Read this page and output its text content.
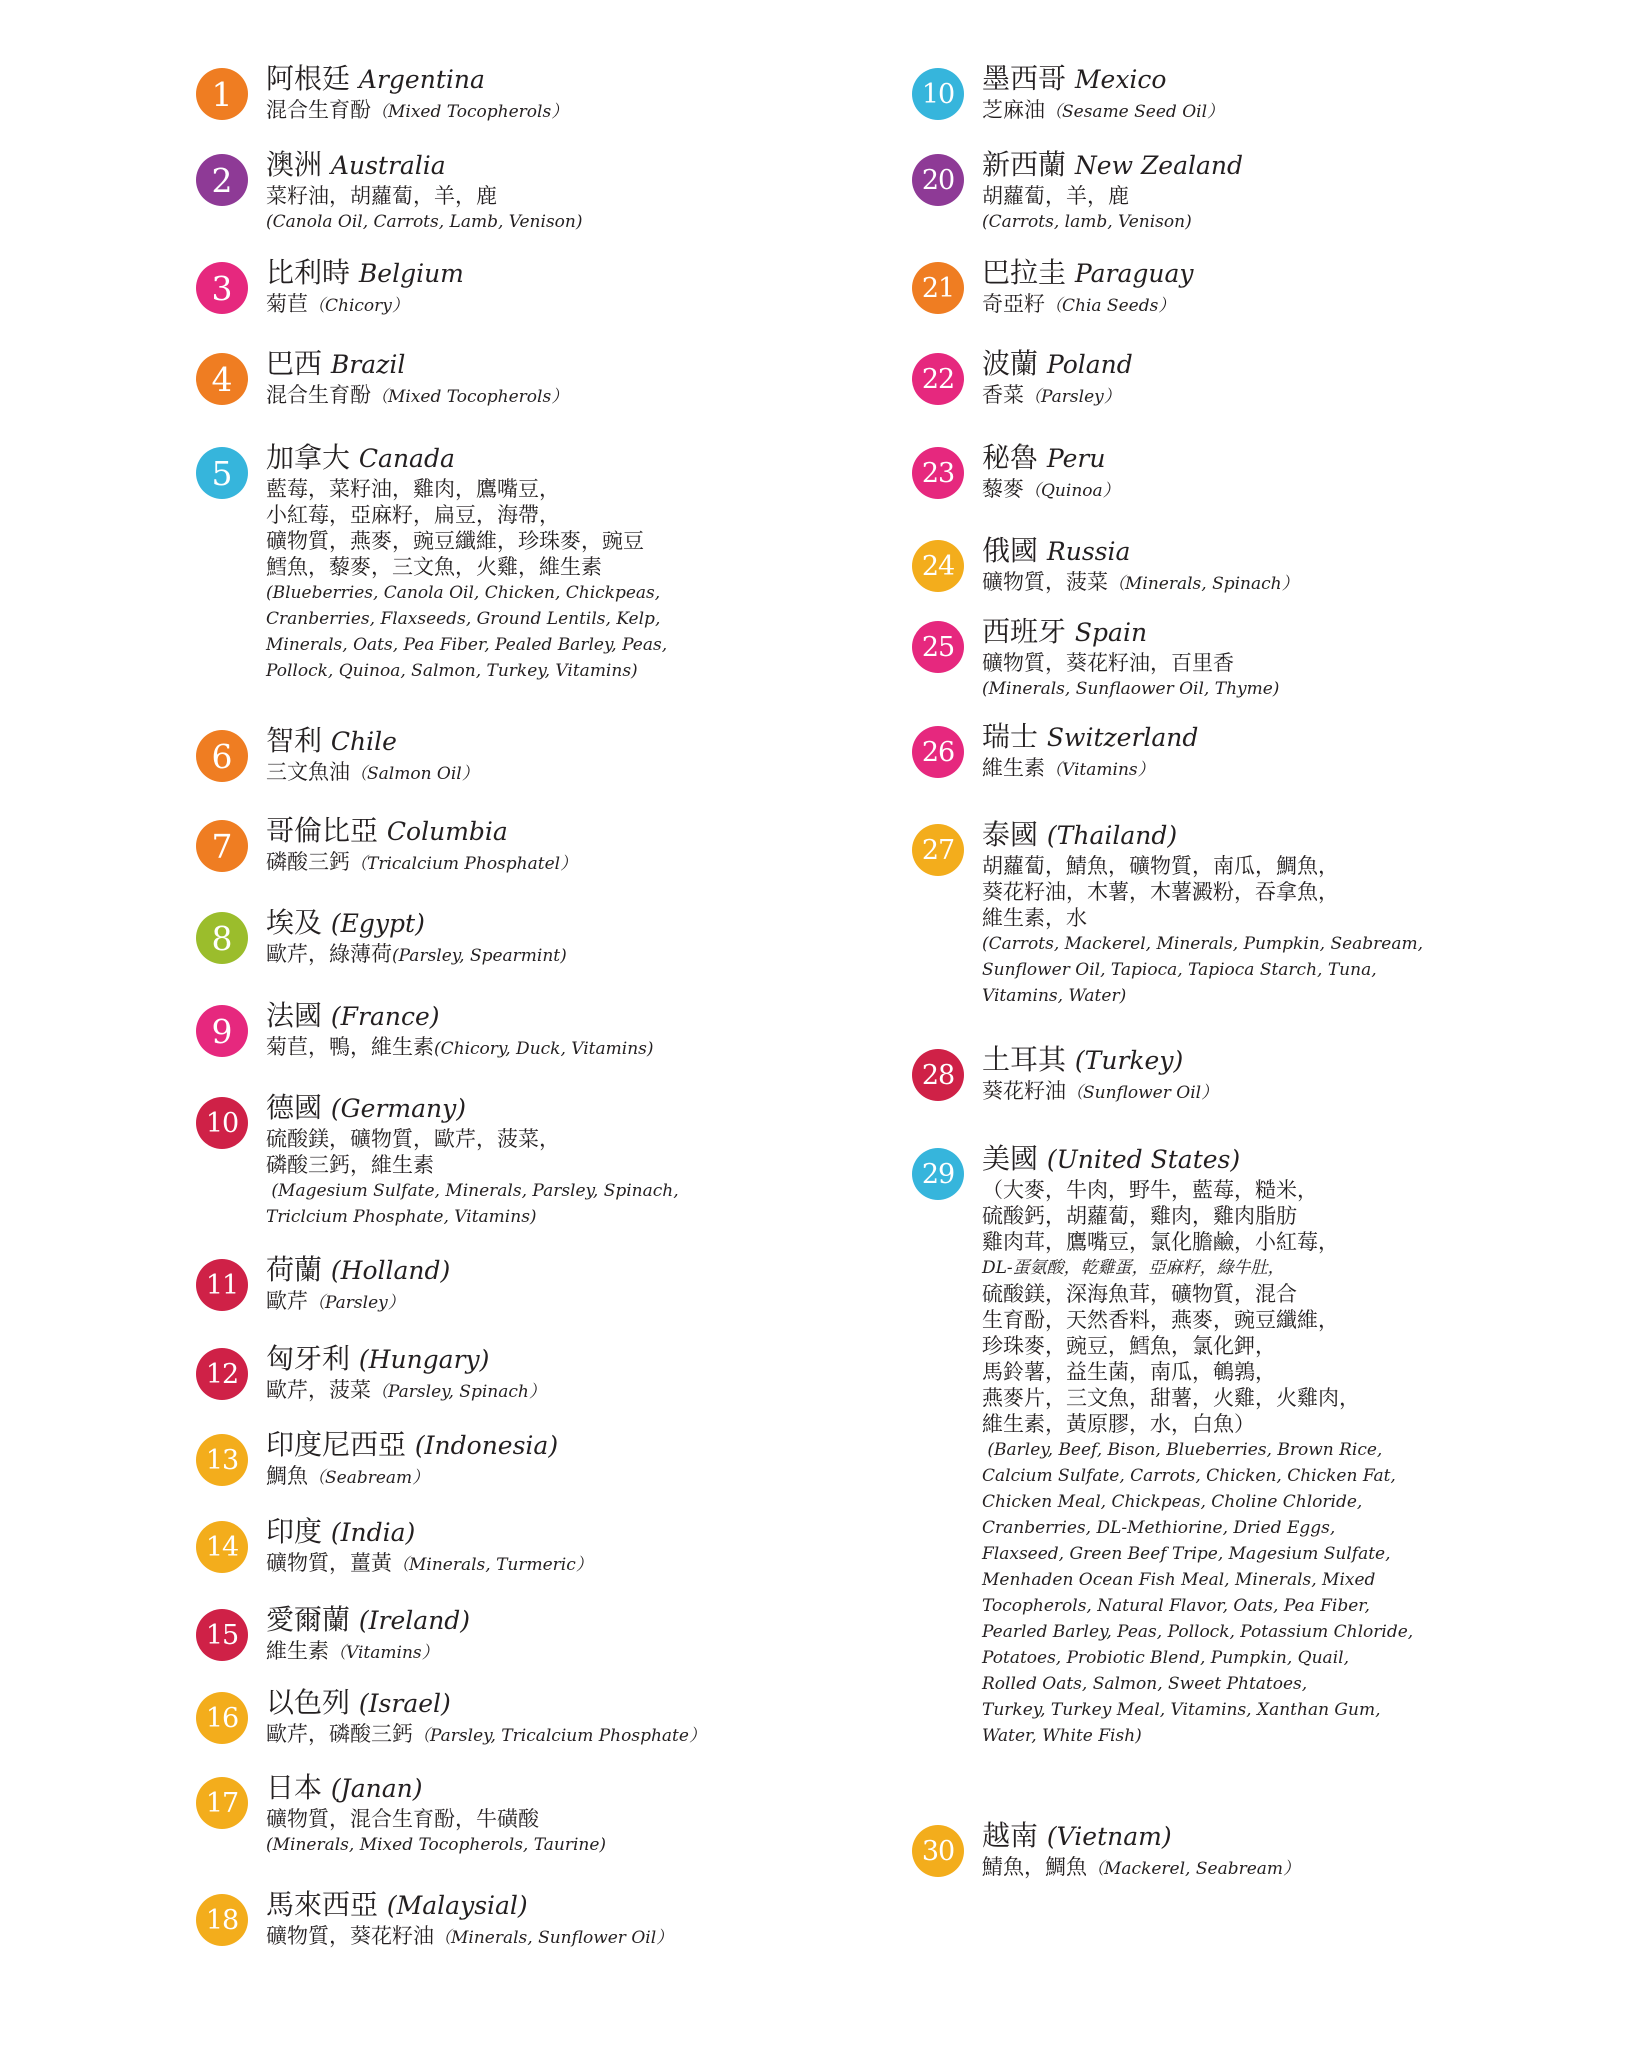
1	阿根廷 Argentina
混合生育酚（Mixed Tocopherols）
2	澳洲 Australia
菜籽油，胡蘿蔔，羊，鹿
(Canola Oil, Carrots, Lamb, Venison)
3	比利時 Belgium
菊苣（Chicory）
4	巴西 Brazil
混合生育酚（Mixed Tocopherols）
5	加拿大 Canada
藍莓，菜籽油，雞肉，鷹嘴豆，
小紅莓，亞麻籽，扁豆，海帶，
礦物質，燕麥，豌豆纖維，珍珠麥，豌豆
鱈魚，藜麥，三文魚，火雞，維生素
(Blueberries, Canola Oil, Chicken, Chickpeas,
Cranberries, Flaxseeds, Ground Lentils, Kelp,
Minerals, Oats, Pea Fiber, Pealed Barley, Peas,
Pollock, Quinoa, Salmon, Turkey, Vitamins)
6	智利 Chile
三文魚油（Salmon Oil）
7	哥倫比亞 Columbia
磷酸三鈣（Tricalcium Phosphatel）
8	埃及 (Egypt)
歐芹，綠薄荷(Parsley, Spearmint)
9	法國 (France)
菊苣，鴨，維生素(Chicory, Duck, Vitamins)
10 德國 (Germany)
硫酸鎂，礦物質，歐芹，菠菜，
磷酸三鈣，維生素
(Magesium Sulfate, Minerals, Parsley, Spinach,
Triclcium Phosphate, Vitamins)
11 荷蘭 (Holland)
歐芹（Parsley）
12 匈牙利 (Hungary)
歐芹，菠菜（Parsley, Spinach）
13 印度尼西亞 (Indonesia)
鯛魚（Seabream）
14 印度 (India)
礦物質，薑黃（Minerals, Turmeric）
15 愛爾蘭 (Ireland)
維生素（Vitamins）
16 以色列 (Israel)
歐芹，磷酸三鈣（Parsley, Tricalcium Phosphate）
17 日本 (Janan)
礦物質，混合生育酚，牛磺酸
(Minerals, Mixed Tocopherols, Taurine)
18 馬來西亞 (Malaysial)
礦物質，葵花籽油（Minerals, Sunflower Oil）
10 墨西哥 Mexico
芝麻油（Sesame Seed Oil）
20 新西蘭 New Zealand
胡蘿蔔，羊，鹿
(Carrots, lamb, Venison)
21 巴拉圭 Paraguay
奇亞籽（Chia Seeds）
22 波蘭 Poland
香菜（Parsley）
23 秘魯 Peru
藜麥（Quinoa）
24 俄國 Russia
礦物質，菠菜（Minerals, Spinach）
25 西班牙 Spain
礦物質，葵花籽油，百里香
(Minerals, Sunflaower Oil, Thyme)
26 瑞士 Switzerland
維生素（Vitamins）
27 泰國 (Thailand)
胡蘿蔔，鯖魚，礦物質，南瓜，鯛魚，
葵花籽油，木薯，木薯澱粉，吞拿魚，
維生素，水
(Carrots, Mackerel, Minerals, Pumpkin, Seabream,
Sunflower Oil, Tapioca, Tapioca Starch, Tuna,
Vitamins, Water)
28 土耳其 (Turkey)
葵花籽油（Sunflower Oil）
29 美國 (United States)
（大麥，牛肉，野牛，藍莓，糙米，
硫酸鈣，胡蘿蔔，雞肉，雞肉脂肪
雞肉茸，鷹嘴豆，氯化膽鹼，小紅莓，
DL-蛋氨酸，乾雞蛋，亞麻籽，綠牛肚，
硫酸鎂，深海魚茸，礦物質，混合
生育酚，天然香料，燕麥，豌豆纖維，
珍珠麥，豌豆，鱈魚，氯化鉀，
馬鈴薯，益生菌，南瓜，鵪鶉，
燕麥片，三文魚，甜薯，火雞，火雞肉，
維生素，黃原膠，水，白魚）
(Barley, Beef, Bison, Blueberries, Brown Rice,
Calcium Sulfate, Carrots, Chicken, Chicken Fat,
Chicken Meal, Chickpeas, Choline Chloride,
Cranberries, DL-Methiorine, Dried Eggs,
Flaxseed, Green Beef Tripe, Magesium Sulfate,
Menhaden Ocean Fish Meal, Minerals, Mixed
Tocopherols, Natural Flavor, Oats, Pea Fiber,
Pearled Barley, Peas, Pollock, Potassium Chloride,
Potatoes, Probiotic Blend, Pumpkin, Quail,
Rolled Oats, Salmon, Sweet Phtatoes,
Turkey, Turkey Meal, Vitamins, Xanthan Gum,
Water, White Fish)
30 越南 (Vietnam)
鯖魚，鯛魚（Mackerel, Seabream）
